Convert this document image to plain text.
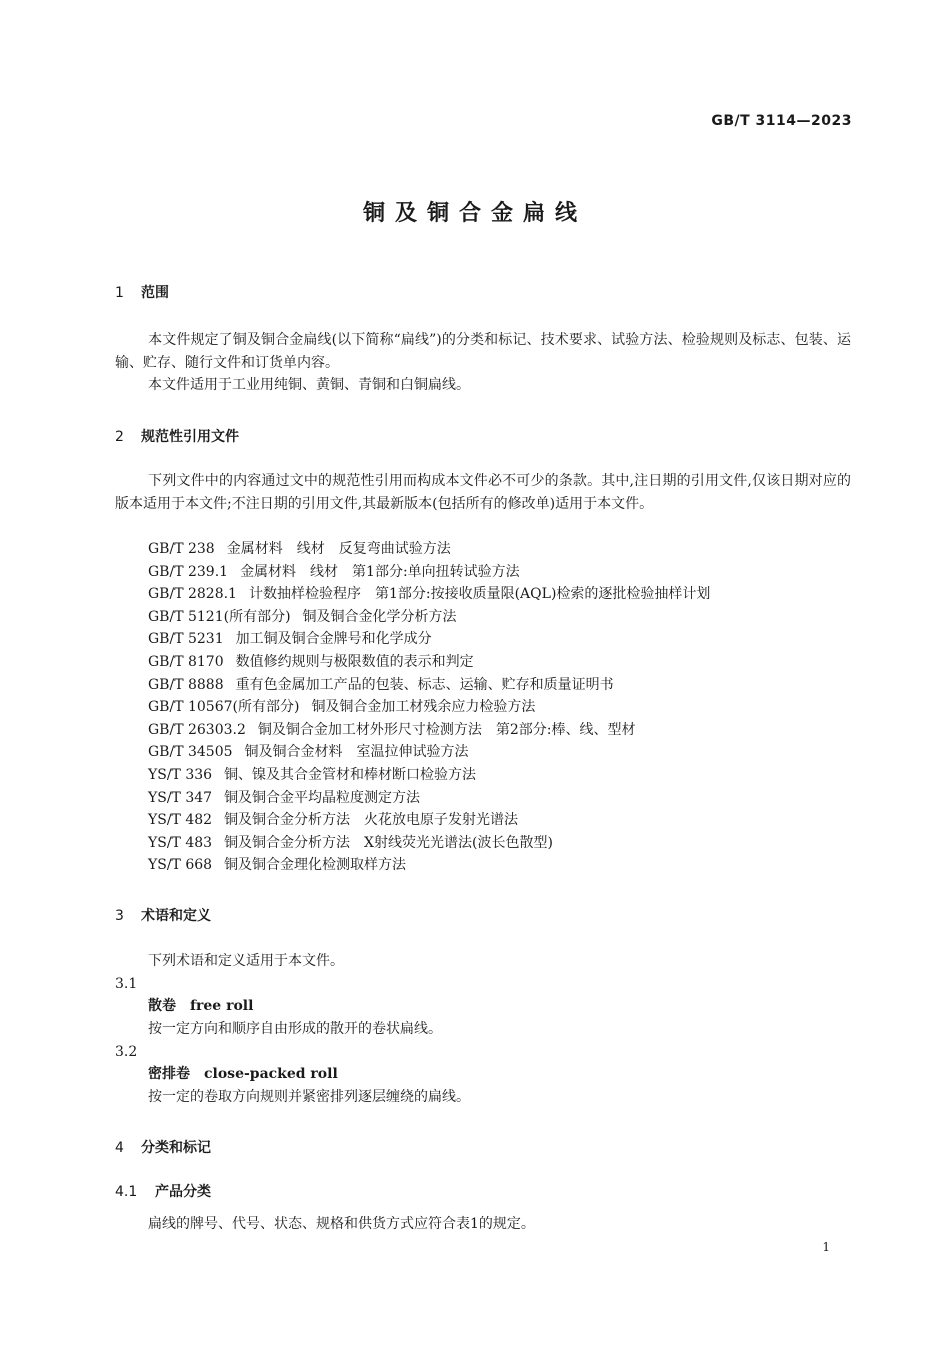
GB/T 3114—2023
铜及铜合金扁线
1 范围
本文件规定了铜及铜合金扁线(以下简称“扁线”)的分类和标记、技术要求、试验方法、检验规则及标志、包装、运输、贮存、随行文件和订货单内容。
本文件适用于工业用纯铜、黄铜、青铜和白铜扁线。
2 规范性引用文件
下列文件中的内容通过文中的规范性引用而构成本文件必不可少的条款。其中,注日期的引用文件,仅该日期对应的版本适用于本文件;不注日期的引用文件,其最新版本(包括所有的修改单)适用于本文件。
GB/T 238 金属材料　线材　反复弯曲试验方法
GB/T 239.1 金属材料　线材　第1部分:单向扭转试验方法
GB/T 2828.1 计数抽样检验程序　第1部分:按接收质量限(AQL)检索的逐批检验抽样计划
GB/T 5121(所有部分) 铜及铜合金化学分析方法
GB/T 5231 加工铜及铜合金牌号和化学成分
GB/T 8170 数值修约规则与极限数值的表示和判定
GB/T 8888 重有色金属加工产品的包装、标志、运输、贮存和质量证明书
GB/T 10567(所有部分) 铜及铜合金加工材残余应力检验方法
GB/T 26303.2 铜及铜合金加工材外形尺寸检测方法　第2部分:棒、线、型材
GB/T 34505 铜及铜合金材料　室温拉伸试验方法
YS/T 336 铜、镍及其合金管材和棒材断口检验方法
YS/T 347 铜及铜合金平均晶粒度测定方法
YS/T 482 铜及铜合金分析方法　火花放电原子发射光谱法
YS/T 483 铜及铜合金分析方法　X射线荧光光谱法(波长色散型)
YS/T 668 铜及铜合金理化检测取样方法
3 术语和定义
下列术语和定义适用于本文件。
3.1
散卷 free roll
按一定方向和顺序自由形成的散开的卷状扁线。
3.2
密排卷 close-packed roll
按一定的卷取方向规则并紧密排列逐层缠绕的扁线。
4 分类和标记
4.1 产品分类
扁线的牌号、代号、状态、规格和供货方式应符合表1的规定。
1
